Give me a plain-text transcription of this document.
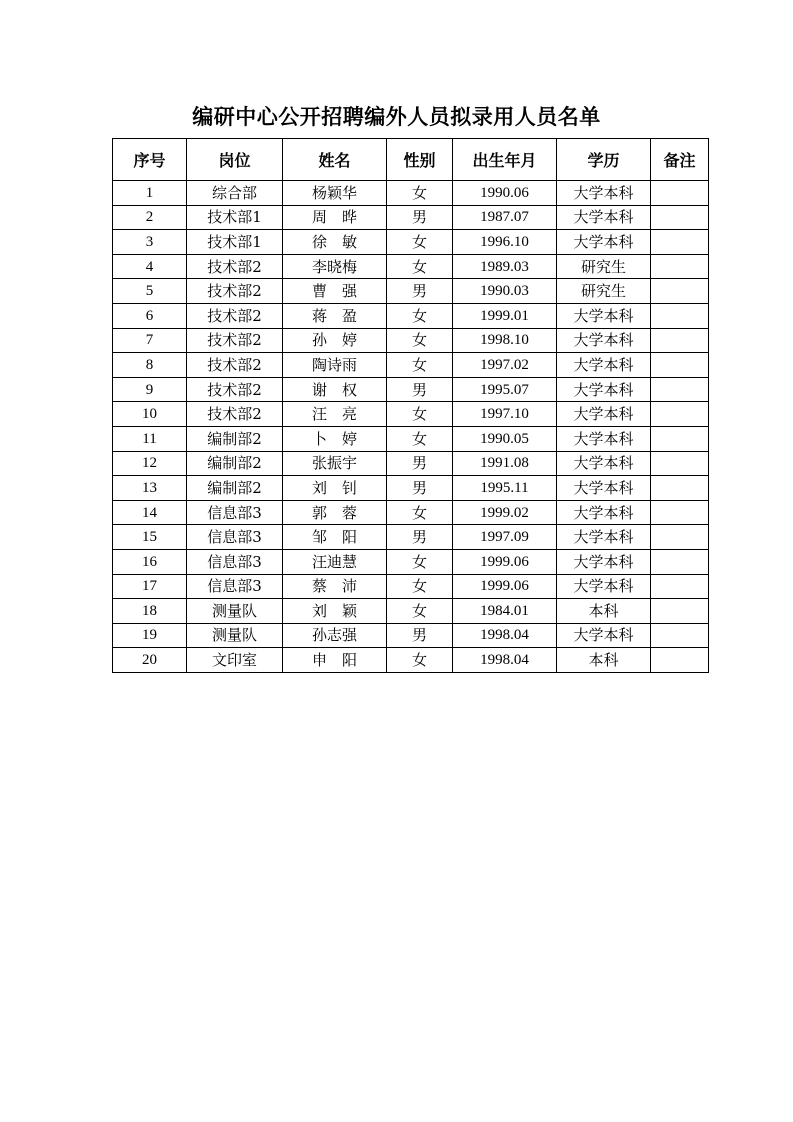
编研中心公开招聘编外人员拟录用人员名单
序号	岗位	姓名	性别	出生年月	学历	备注
1	综合部	杨颖华	女	1990.06	大学本科	
2	技术部1	周　晔	男	1987.07	大学本科	
3	技术部1	徐　敏	女	1996.10	大学本科	
4	技术部2	李晓梅	女	1989.03	研究生	
5	技术部2	曹　强	男	1990.03	研究生	
6	技术部2	蒋　盈	女	1999.01	大学本科	
7	技术部2	孙　婷	女	1998.10	大学本科	
8	技术部2	陶诗雨	女	1997.02	大学本科	
9	技术部2	谢　权	男	1995.07	大学本科	
10	技术部2	汪　亮	女	1997.10	大学本科	
11	编制部2	卜　婷	女	1990.05	大学本科	
12	编制部2	张振宇	男	1991.08	大学本科	
13	编制部2	刘　钊	男	1995.11	大学本科	
14	信息部3	郭　蓉	女	1999.02	大学本科	
15	信息部3	邹　阳	男	1997.09	大学本科	
16	信息部3	汪迪慧	女	1999.06	大学本科	
17	信息部3	蔡　沛	女	1999.06	大学本科	
18	测量队	刘　颖	女	1984.01	本科	
19	测量队	孙志强	男	1998.04	大学本科	
20	文印室	申　阳	女	1998.04	本科	
